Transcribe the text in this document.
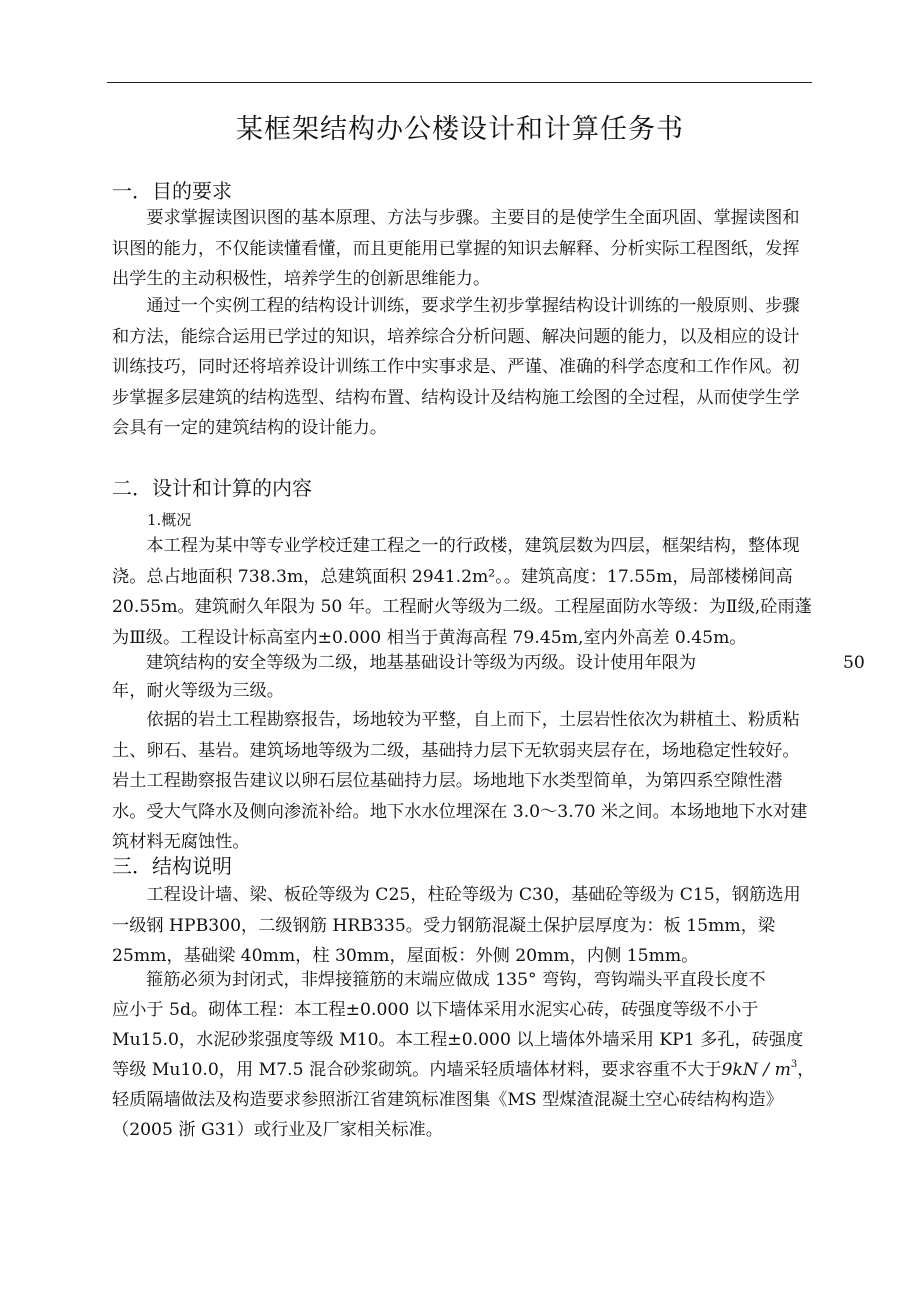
某框架结构办公楼设计和计算任务书
一．目的要求

要求掌握读图识图的基本原理、方法与步骤。主要目的是使学生全面巩固、掌握读图和识图的能力，不仅能读懂看懂，而且更能用已掌握的知识去解释、分析实际工程图纸，发挥出学生的主动积极性，培养学生的创新思维能力。

通过一个实例工程的结构设计训练，要求学生初步掌握结构设计训练的一般原则、步骤和方法，能综合运用已学过的知识，培养综合分析问题、解决问题的能力，以及相应的设计训练技巧，同时还将培养设计训练工作中实事求是、严谨、准确的科学态度和工作作风。初步掌握多层建筑的结构选型、结构布置、结构设计及结构施工绘图的全过程，从而使学生学会具有一定的建筑结构的设计能力。

二．设计和计算的内容
1.概况

本工程为某中等专业学校迁建工程之一的行政楼，建筑层数为四层，框架结构，整体现浇。总占地面积 738.3m，总建筑面积 2941.2m²。。建筑高度：17.55m，局部楼梯间高 20.55m。建筑耐久年限为 50 年。工程耐火等级为二级。工程屋面防水等级：为Ⅱ级,砼雨蓬为Ⅲ级。工程设计标高室内±0.000 相当于黄海高程 79.45m,室内外高差 0.45m。

建筑结构的安全等级为二级，地基基础设计等级为丙级。设计使用年限为	50
年，耐火等级为三级。

依据的岩土工程勘察报告，场地较为平整，自上而下，土层岩性依次为耕植土、粉质粘土、卵石、基岩。建筑场地等级为二级，基础持力层下无软弱夹层存在，场地稳定性较好。岩土工程勘察报告建议以卵石层位基础持力层。场地地下水类型简单，为第四系空隙性潜水。受大气降水及侧向渗流补给。地下水水位埋深在 3.0～3.70 米之间。本场地地下水对建筑材料无腐蚀性。

三．结构说明

工程设计墙、梁、板砼等级为 C25，柱砼等级为 C30，基础砼等级为 C15，钢筋选用一级钢 HPB300，二级钢筋 HRB335。受力钢筋混凝土保护层厚度为：板 15mm，梁 25mm，基础梁 40mm，柱 30mm，屋面板：外侧 20mm，内侧 15mm。

箍筋必须为封闭式，非焊接箍筋的末端应做成 135° 弯钩，弯钩端头平直段长度不
应小于 5d。砌体工程：本工程±0.000 以下墙体采用水泥实心砖，砖强度等级不小于
Mu15.0，水泥砂浆强度等级 M10。本工程±0.000 以上墙体外墙采用 KP1 多孔，砖强度
等级 Mu10.0，用 M7.5 混合砂浆砌筑。内墙采轻质墙体材料，要求容重不大于$9kN / m^3$，
轻质隔墙做法及构造要求参照浙江省建筑标准图集《MS 型煤渣混凝土空心砖结构构造》
（2005 浙 G31）或行业及厂家相关标准。
